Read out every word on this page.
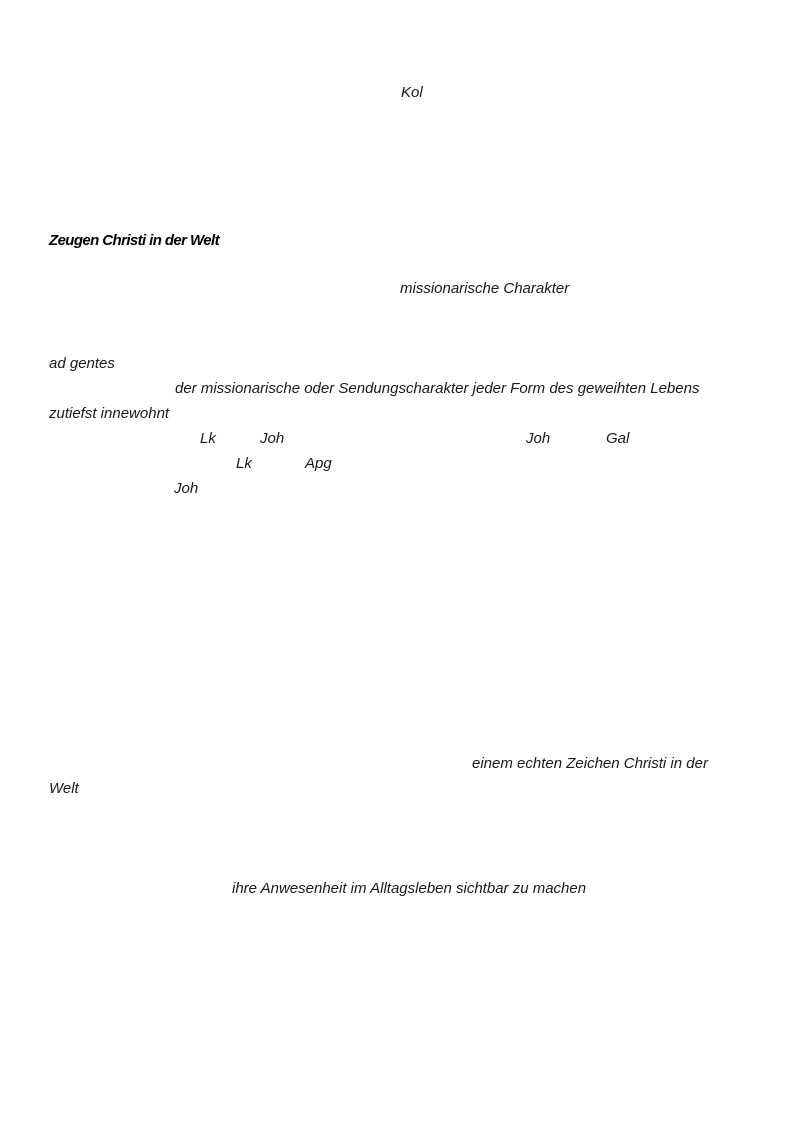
Kol
Zeugen Christi in der Welt
missionarische Charakter
ad gentes
der missionarische oder Sendungscharakter jeder Form des geweihten Lebens
zutiefst innewohnt
Lk	Joh	Joh	Gal
Lk	Apg
Joh
einem echten Zeichen Christi in der
Welt
ihre Anwesenheit im Alltagsleben sichtbar zu machen
